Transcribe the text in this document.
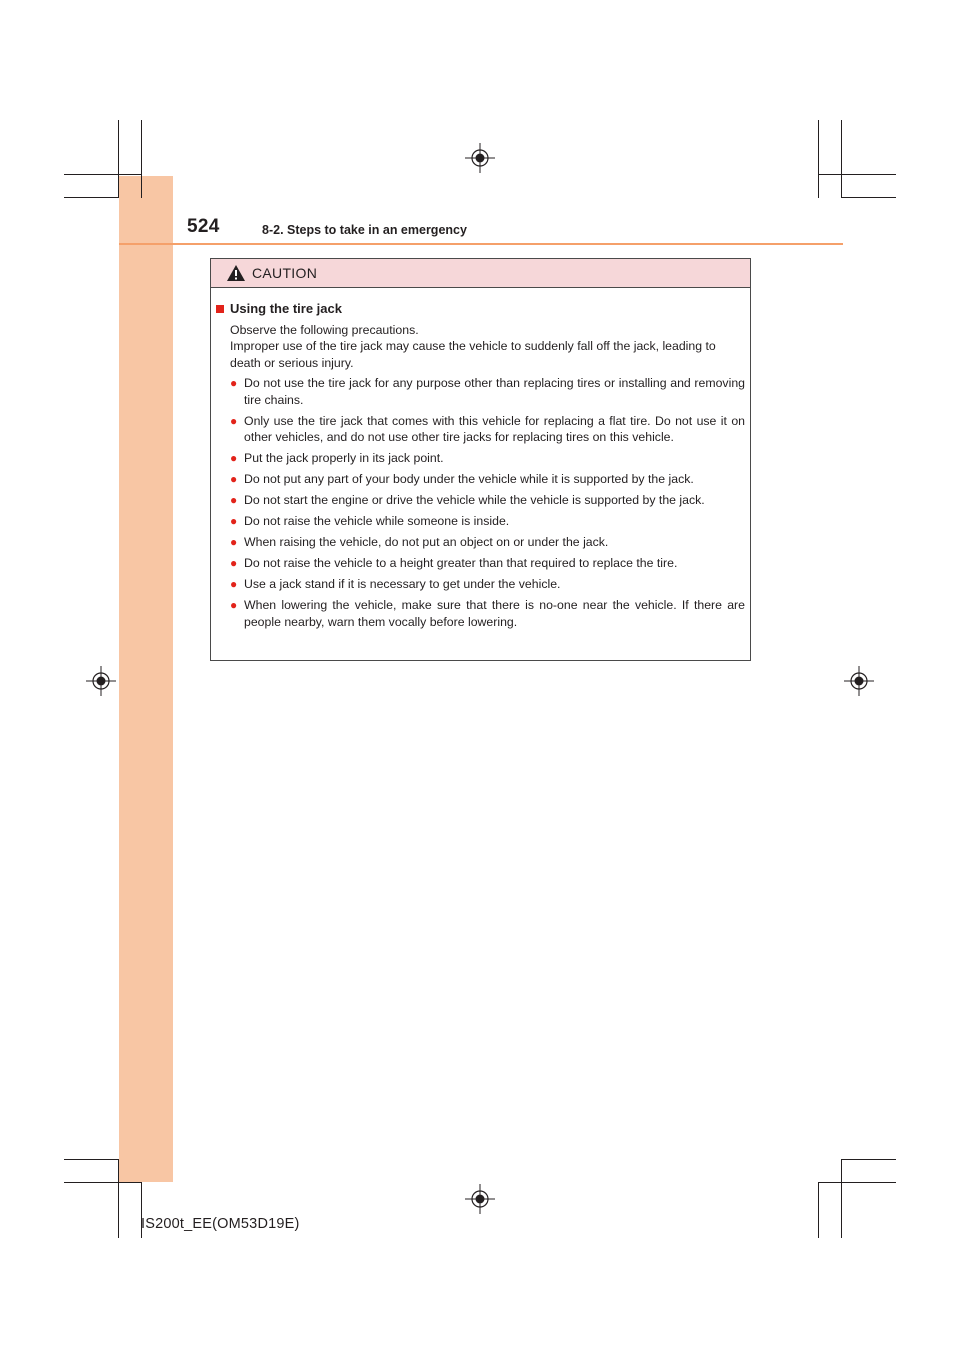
524	8-2. Steps to take in an emergency
CAUTION
Using the tire jack

Observe the following precautions.

Improper use of the tire jack may cause the vehicle to suddenly fall off the jack, leading to death or serious injury.

● Do not use the tire jack for any purpose other than replacing tires or installing and removing tire chains.
● Only use the tire jack that comes with this vehicle for replacing a flat tire. Do not use it on other vehicles, and do not use other tire jacks for replacing tires on this vehicle.
● Put the jack properly in its jack point.
● Do not put any part of your body under the vehicle while it is supported by the jack.
● Do not start the engine or drive the vehicle while the vehicle is supported by the jack.
● Do not raise the vehicle while someone is inside.
● When raising the vehicle, do not put an object on or under the jack.
● Do not raise the vehicle to a height greater than that required to replace the tire.
● Use a jack stand if it is necessary to get under the vehicle.
● When lowering the vehicle, make sure that there is no-one near the vehicle. If there are people nearby, warn them vocally before lowering.
IS200t_EE(OM53D19E)
